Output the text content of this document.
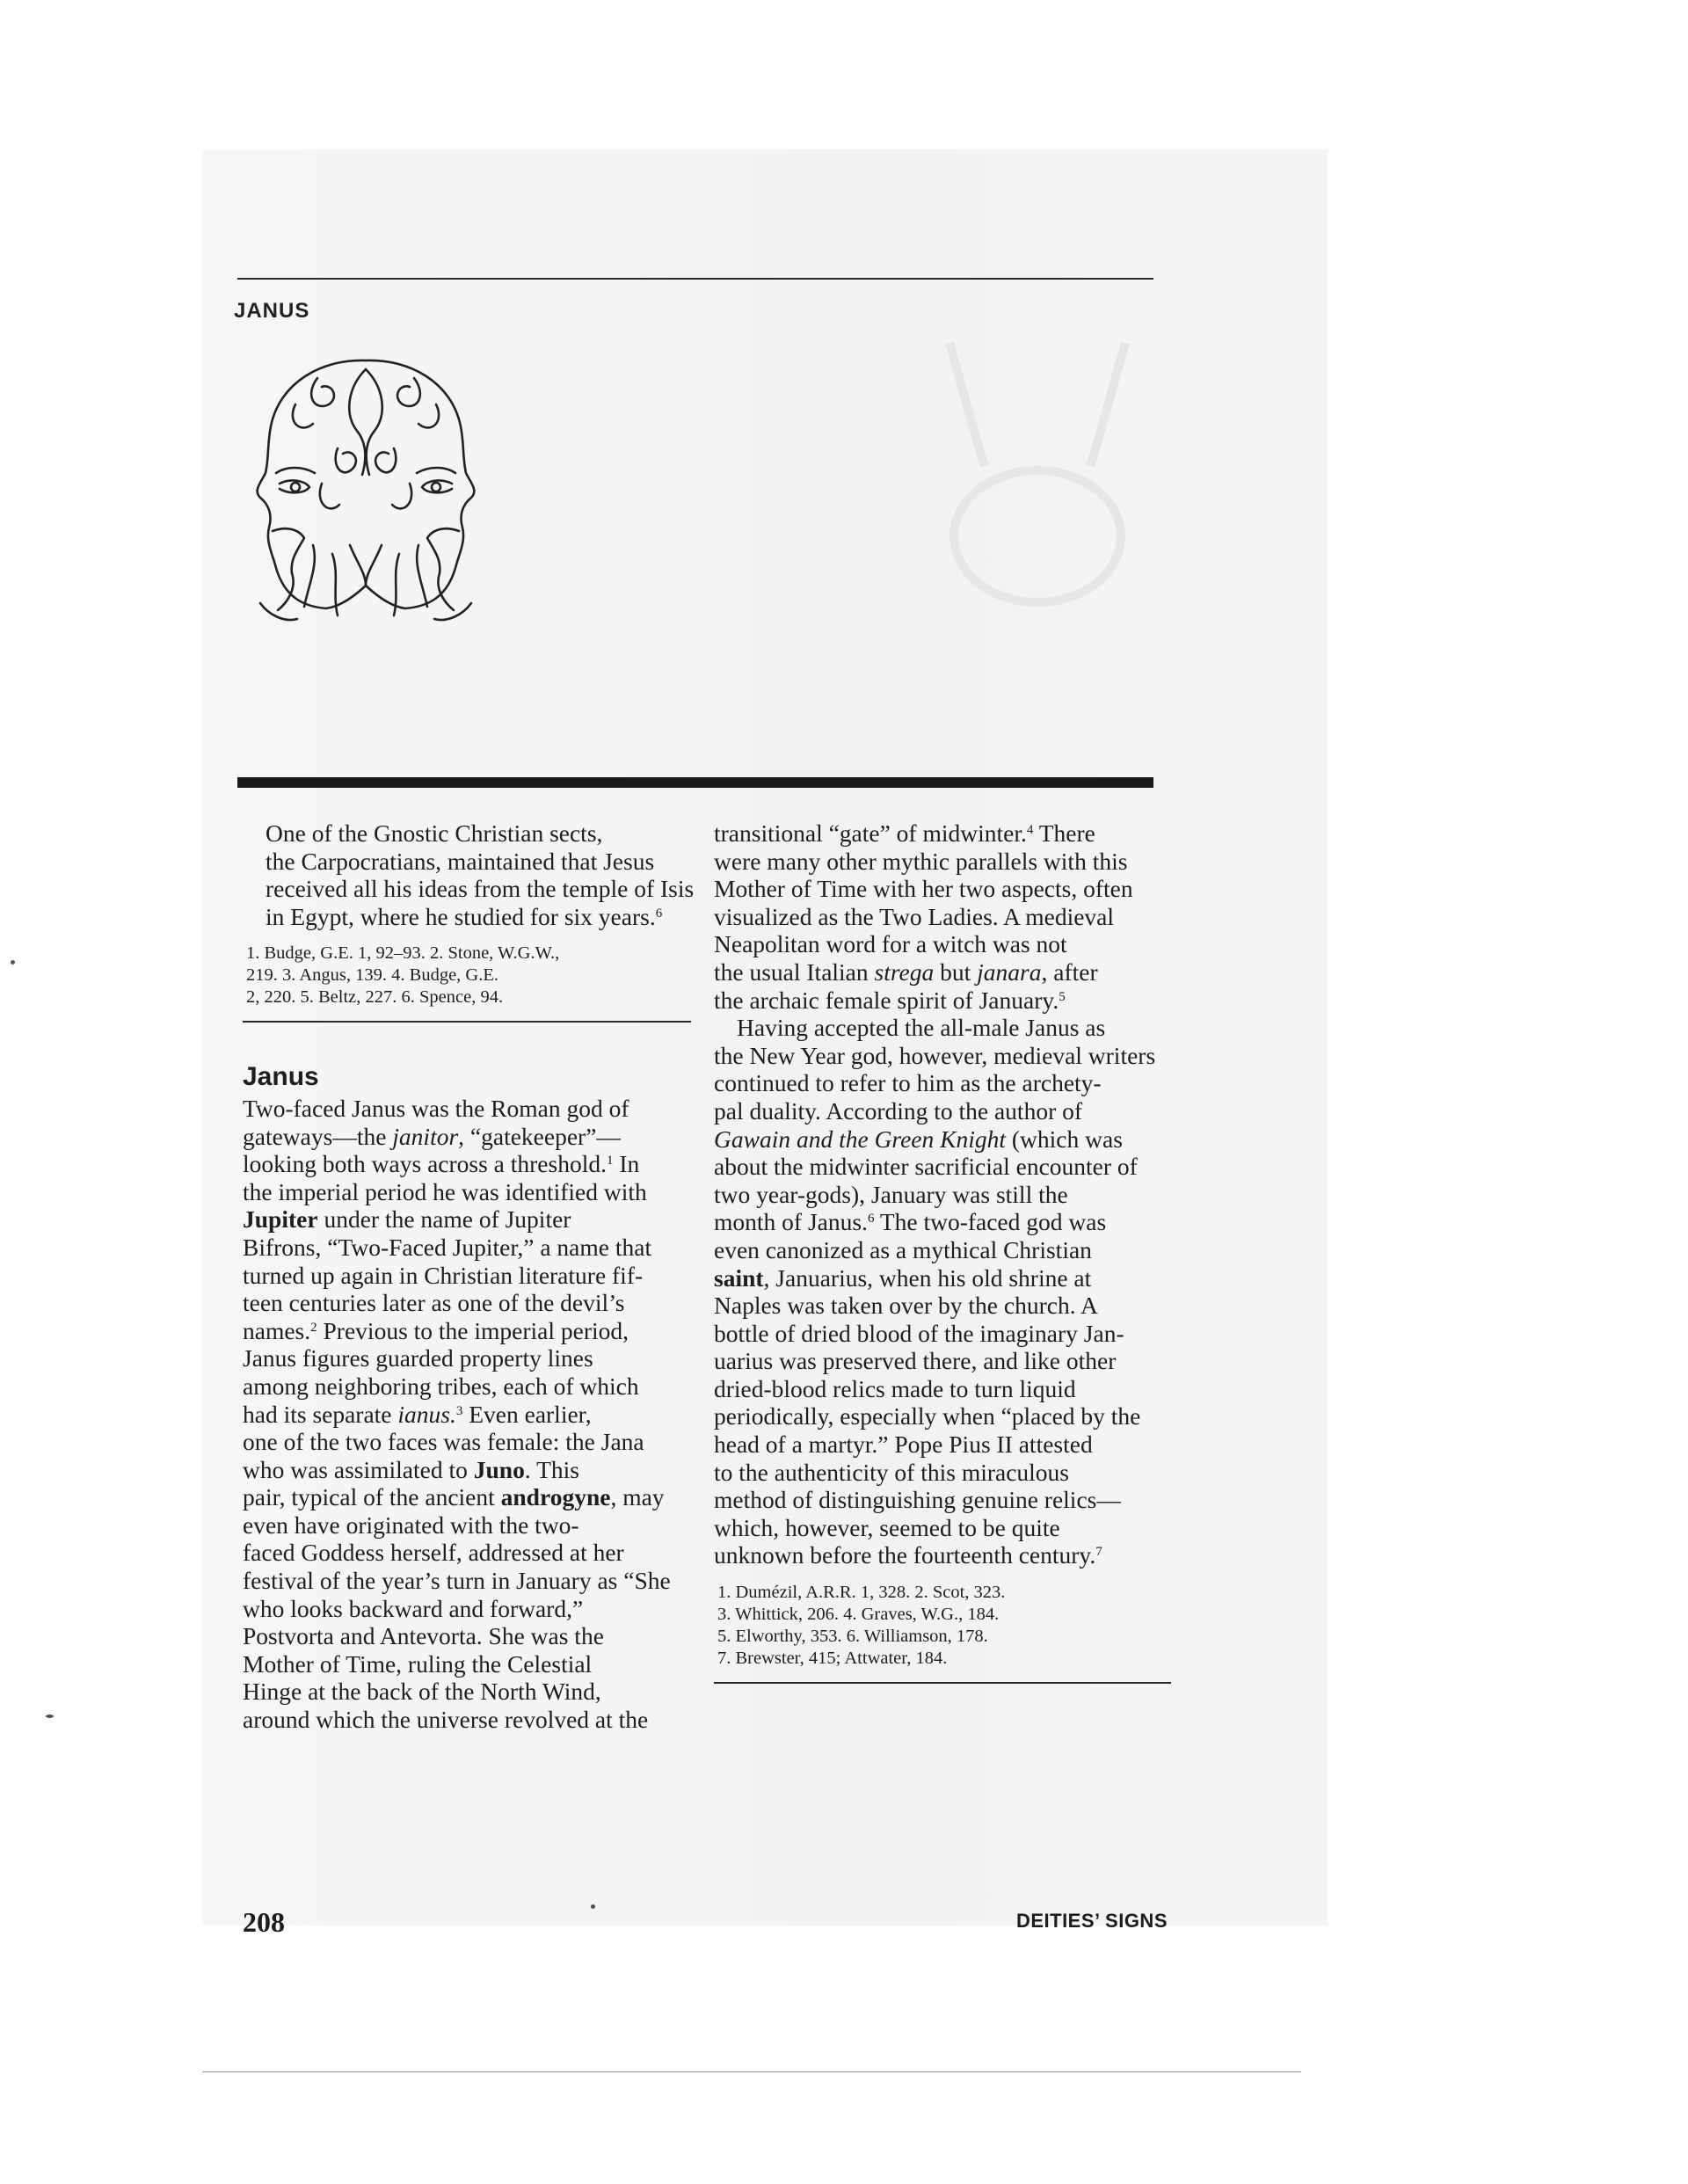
JANUS

One of the Gnostic Christian sects,
the Carpocratians, maintained that Jesus
received all his ideas from the temple of Isis
in Egypt, where he studied for six years.$^6$

1. Budge, G.E. 1, 92–93. 2. Stone, W.G.W.,
219. 3. Angus, 139. 4. Budge, G.E.
2, 220. 5. Beltz, 227. 6. Spence, 94.
Janus

Two-faced Janus was the Roman god of
gateways—the janitor, “gatekeeper”—
looking both ways across a threshold.$^1$ In
the imperial period he was identified with
Jupiter under the name of Jupiter
Bifrons, “Two-Faced Jupiter,” a name that
turned up again in Christian literature fif-
teen centuries later as one of the devil’s
names.$^2$ Previous to the imperial period,
Janus figures guarded property lines
among neighboring tribes, each of which
had its separate ianus.$^3$ Even earlier,
one of the two faces was female: the Jana
who was assimilated to Juno. This
pair, typical of the ancient androgyne, may
even have originated with the two-
faced Goddess herself, addressed at her
festival of the year’s turn in January as “She
who looks backward and forward,”
Postvorta and Antevorta. She was the
Mother of Time, ruling the Celestial
Hinge at the back of the North Wind,
around which the universe revolved at the

transitional “gate” of midwinter.$^4$ There
were many other mythic parallels with this
Mother of Time with her two aspects, often
visualized as the Two Ladies. A medieval
Neapolitan word for a witch was not
the usual Italian strega but janara, after
the archaic female spirit of January.$^5$

Having accepted the all-male Janus as
the New Year god, however, medieval writers
continued to refer to him as the archety-
pal duality. According to the author of
Gawain and the Green Knight (which was
about the midwinter sacrificial encounter of
two year-gods), January was still the
month of Janus.$^6$ The two-faced god was
even canonized as a mythical Christian
saint, Januarius, when his old shrine at
Naples was taken over by the church. A
bottle of dried blood of the imaginary Jan-
uarius was preserved there, and like other
dried-blood relics made to turn liquid
periodically, especially when “placed by the
head of a martyr.” Pope Pius II attested
to the authenticity of this miraculous
method of distinguishing genuine relics—
which, however, seemed to be quite
unknown before the fourteenth century.$^7$

1. Dumézil, A.R.R. 1, 328. 2. Scot, 323.
3. Whittick, 206. 4. Graves, W.G., 184.
5. Elworthy, 353. 6. Williamson, 178.
7. Brewster, 415; Attwater, 184.

208	DEITIES’ SIGNS
